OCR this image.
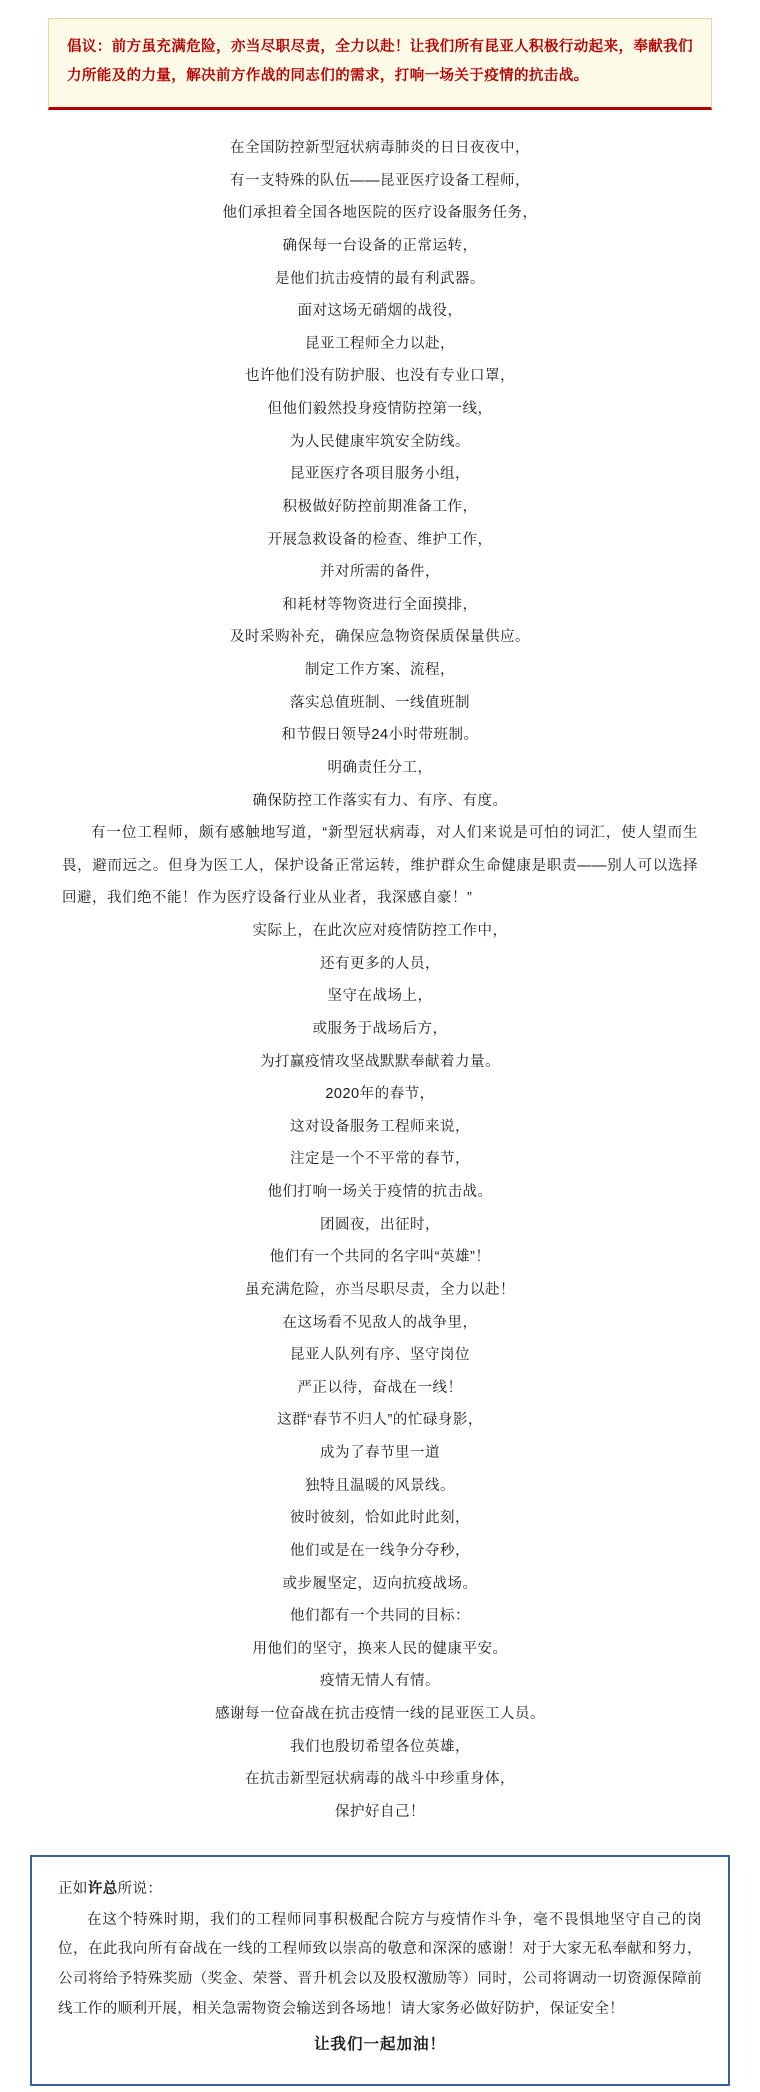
倡议：前方虽充满危险，亦当尽职尽责，全力以赴！让我们所有昆亚人积极行动起来，奉献我们力所能及的力量，解决前方作战的同志们的需求，打响一场关于疫情的抗击战。

在全国防控新型冠状病毒肺炎的日日夜夜中，
有一支特殊的队伍——昆亚医疗设备工程师，
他们承担着全国各地医院的医疗设备服务任务，
确保每一台设备的正常运转，
是他们抗击疫情的最有利武器。
面对这场无硝烟的战役，
昆亚工程师全力以赴，
也许他们没有防护服、也没有专业口罩，
但他们毅然投身疫情防控第一线，
为人民健康牢筑安全防线。
昆亚医疗各项目服务小组，
积极做好防控前期准备工作，
开展急救设备的检查、维护工作，
并对所需的备件，
和耗材等物资进行全面摸排，
及时采购补充，确保应急物资保质保量供应。
制定工作方案、流程，
落实总值班制、一线值班制
和节假日领导24小时带班制。
明确责任分工，
确保防控工作落实有力、有序、有度。
有一位工程师，颇有感触地写道，“新型冠状病毒，对人们来说是可怕的词汇，使人望而生畏，避而远之。但身为医工人，保护设备正常运转，维护群众生命健康是职责——别人可以选择回避，我们绝不能！作为医疗设备行业从业者，我深感自豪！”
实际上，在此次应对疫情防控工作中，
还有更多的人员，
坚守在战场上，
或服务于战场后方，
为打赢疫情攻坚战默默奉献着力量。
2020年的春节，
这对设备服务工程师来说，
注定是一个不平常的春节，
他们打响一场关于疫情的抗击战。
团圆夜，出征时，
他们有一个共同的名字叫“英雄”！
虽充满危险，亦当尽职尽责，全力以赴！
在这场看不见敌人的战争里，
昆亚人队列有序、坚守岗位
严正以待，奋战在一线！
这群“春节不归人”的忙碌身影，
成为了春节里一道
独特且温暖的风景线。
彼时彼刻，恰如此时此刻，
他们或是在一线争分夺秒，
或步履坚定，迈向抗疫战场。
他们都有一个共同的目标：
用他们的坚守，换来人民的健康平安。
疫情无情人有情。
感谢每一位奋战在抗击疫情一线的昆亚医工人员。
我们也殷切希望各位英雄，
在抗击新型冠状病毒的战斗中珍重身体，
保护好自己！
正如许总所说：
在这个特殊时期，我们的工程师同事积极配合院方与疫情作斗争，毫不畏惧地坚守自己的岗位，在此我向所有奋战在一线的工程师致以崇高的敬意和深深的感谢！对于大家无私奉献和努力，公司将给予特殊奖励（奖金、荣誉、晋升机会以及股权激励等）同时，公司将调动一切资源保障前线工作的顺利开展，相关急需物资会输送到各场地！请大家务必做好防护，保证安全！
让我们一起加油！
